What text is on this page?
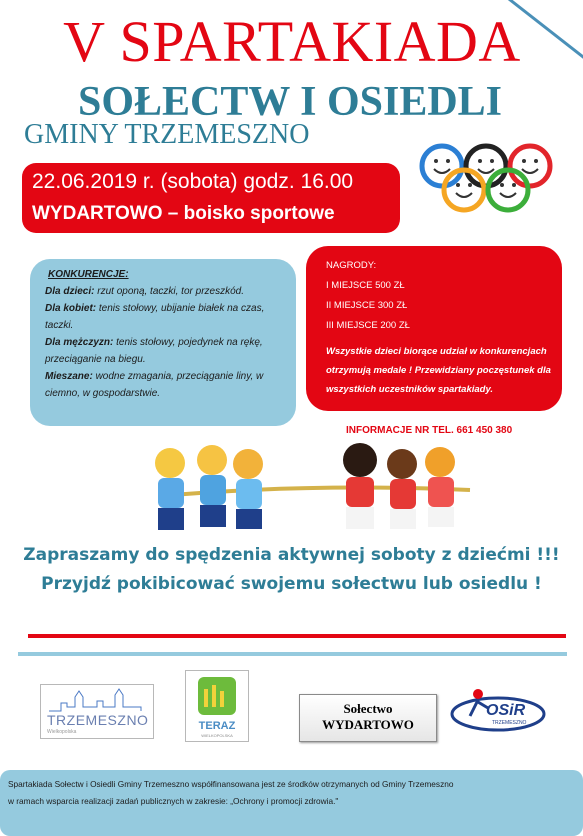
V SPARTAKIADA
SOŁECTW I OSIEDLI
GMINY TRZEMESZNO
22.06.2019 r. (sobota) godz. 16.00
WYDARTOWO – boisko sportowe
KONKURENCJE:
Dla dzieci: rzut oponą, taczki, tor przeszkód.
Dla kobiet: tenis stołowy, ubijanie białek na czas, taczki.
Dla mężczyzn: tenis stołowy, pojedynek na rękę, przeciąganie na biegu.
Mieszane: wodne zmagania, przeciąganie liny, w ciemno, w gospodarstwie.
NAGRODY:
I MIEJSCE 500 ZŁ
II MIEJSCE 300 ZŁ
III MIEJSCE 200 ZŁ
Wszystkie dzieci biorące udział w konkurencjach otrzymują medale ! Przewidziany poczęstunek dla wszystkich uczestników spartakiady.
INFORMACJE NR TEL. 661 450 380
Zapraszamy do spędzenia aktywnej soboty z dziećmi !!!
Przyjdź pokibicować swojemu sołectwu lub osiedlu !
TRZEMESZNO
Wielkopolska	TERAZ
WIELKOPOLSKA
Sołectwo
WYDARTOWO
OSiR
TRZEMESZNO
Spartakiada Sołectw i Osiedli Gminy Trzemeszno współfinansowana jest ze środków otrzymanych od Gminy Trzemeszno
w ramach wsparcia realizacji zadań publicznych w zakresie: „Ochrony i promocji zdrowia."
